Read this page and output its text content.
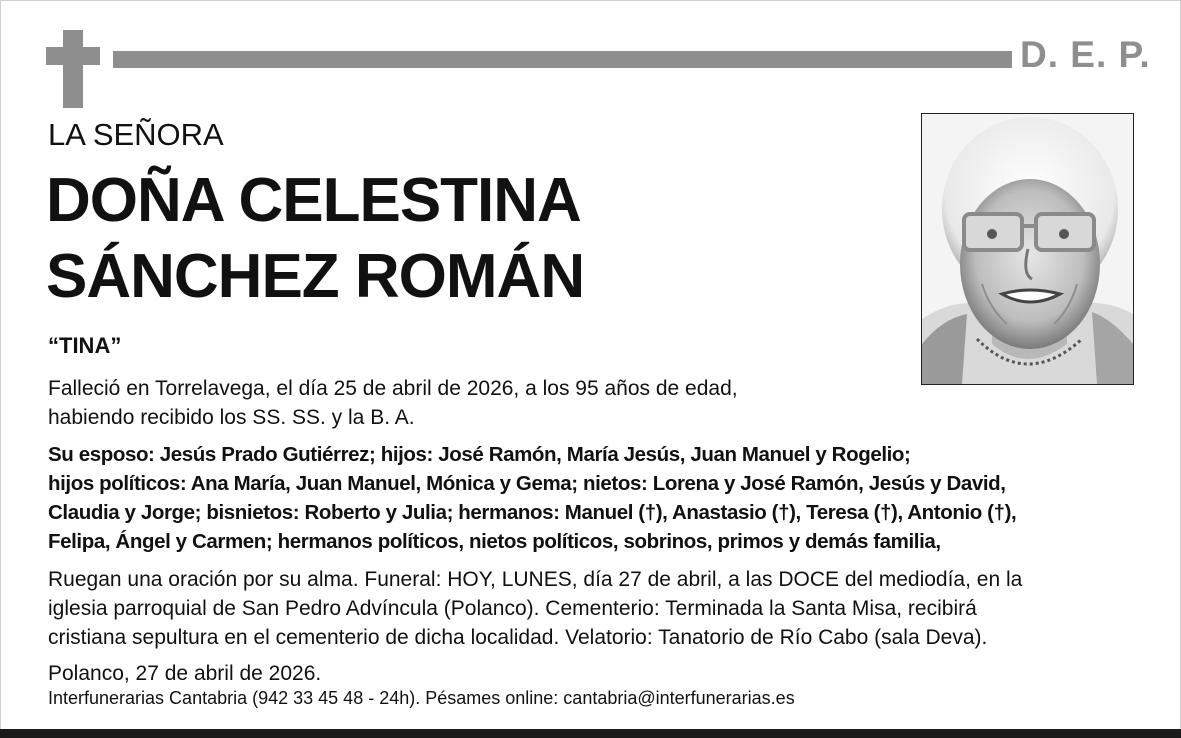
D. E. P.
LA SEÑORA
DOÑA CELESTINA
SÁNCHEZ ROMÁN
“TINA”
Falleció en Torrelavega, el día 25 de abril de 2026, a los 95 años de edad,
habiendo recibido los SS. SS. y la B. A.
Su esposo: Jesús Prado Gutiérrez; hijos: José Ramón, María Jesús, Juan Manuel y Rogelio;
hijos políticos: Ana María, Juan Manuel, Mónica y Gema; nietos: Lorena y José Ramón, Jesús y David,
Claudia y Jorge; bisnietos: Roberto y Julia; hermanos: Manuel (†), Anastasio (†), Teresa (†), Antonio (†),
Felipa, Ángel y Carmen; hermanos políticos, nietos políticos, sobrinos, primos y demás familia,
Ruegan una oración por su alma. Funeral: HOY, LUNES, día 27 de abril, a las DOCE del mediodía, en la
iglesia parroquial de San Pedro Advíncula (Polanco). Cementerio: Terminada la Santa Misa, recibirá
cristiana sepultura en el cementerio de dicha localidad. Velatorio: Tanatorio de Río Cabo (sala Deva).
Polanco, 27 de abril de 2026.
Interfunerarias Cantabria (942 33 45 48 - 24h). Pésames online: cantabria@interfunerarias.es
